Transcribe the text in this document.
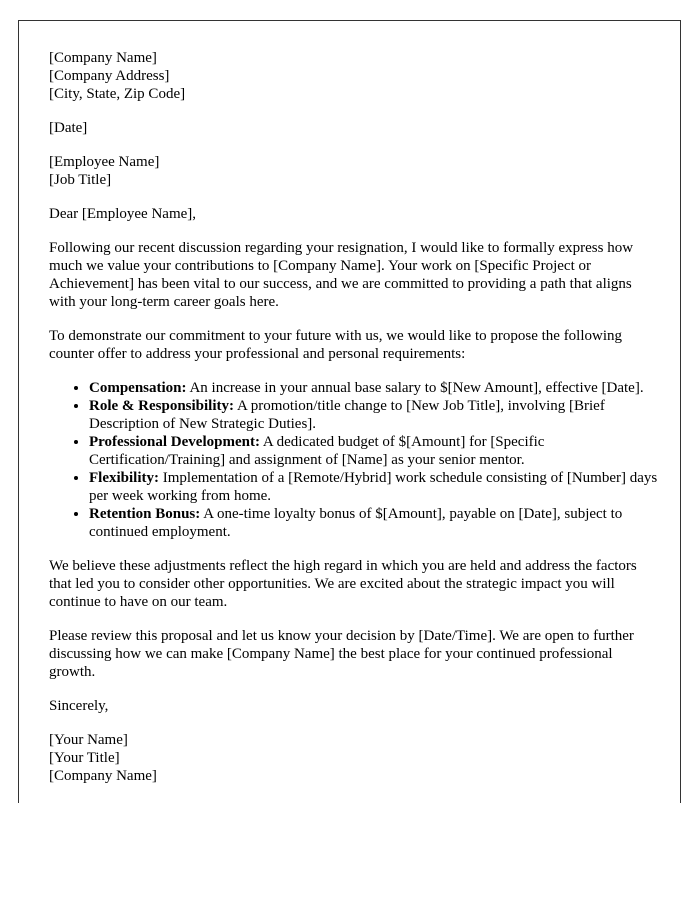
[Company Name]
[Company Address]
[City, State, Zip Code]

[Date]

[Employee Name]
[Job Title]

Dear [Employee Name],

Following our recent discussion regarding your resignation, I would like to formally express how much we value your contributions to [Company Name]. Your work on [Specific Project or Achievement] has been vital to our success, and we are committed to providing a path that aligns with your long-term career goals here.

To demonstrate our commitment to your future with us, we would like to propose the following counter offer to address your professional and personal requirements:

• Compensation: An increase in your annual base salary to $[New Amount], effective [Date].
• Role & Responsibility: A promotion/title change to [New Job Title], involving [Brief Description of New Strategic Duties].
• Professional Development: A dedicated budget of $[Amount] for [Specific Certification/Training] and assignment of [Name] as your senior mentor.
• Flexibility: Implementation of a [Remote/Hybrid] work schedule consisting of [Number] days per week working from home.
• Retention Bonus: A one-time loyalty bonus of $[Amount], payable on [Date], subject to continued employment.

We believe these adjustments reflect the high regard in which you are held and address the factors that led you to consider other opportunities. We are excited about the strategic impact you will continue to have on our team.

Please review this proposal and let us know your decision by [Date/Time]. We are open to further discussing how we can make [Company Name] the best place for your continued professional growth.

Sincerely,

[Your Name]
[Your Title]
[Company Name]
